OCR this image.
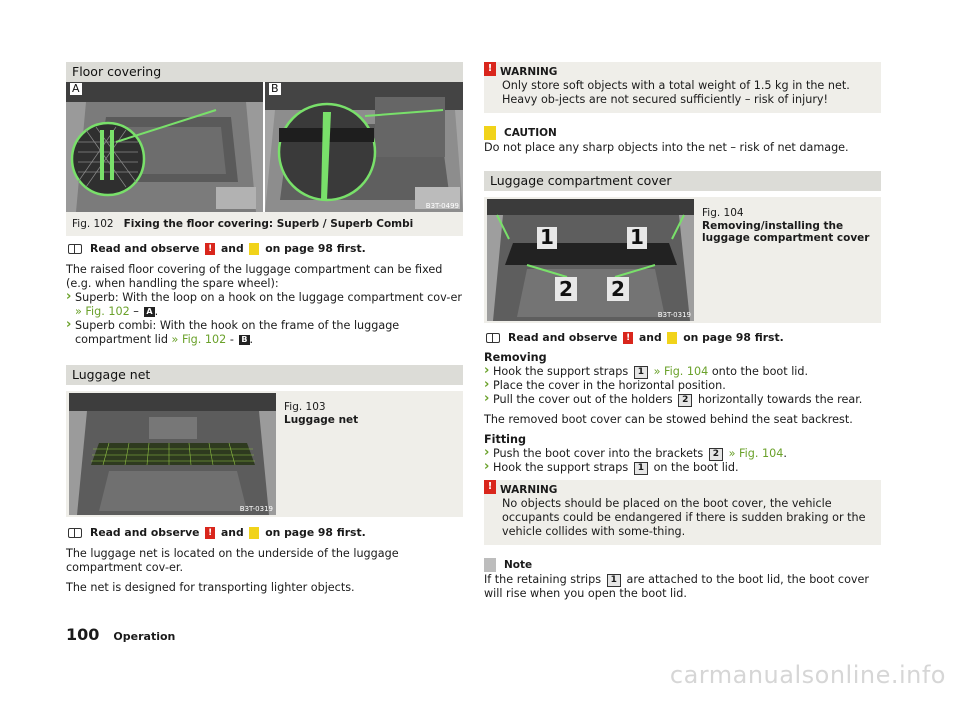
Floor covering
A	B
B3T-0499
Fig. 102 Fixing the floor covering: Superb / Superb Combi
Read and observe
!
and

on page 98 first.

The raised floor covering of the luggage compartment can be fixed (e.g. when handling the spare wheel):

› Superb: With the loop on a hook on the luggage compartment cov-er » Fig. 102 – A .

› Superb combi: With the hook on the frame of the luggage compartment lid » Fig. 102 - B .

Luggage net
B3T-0319
Fig. 103
Luggage net
Read and observe
!
and

on page 98 first.

The luggage net is located on the underside of the luggage compartment cov-er.

The net is designed for transporting lighter objects.

! WARNING

Only store soft objects with a total weight of 1.5 kg in the net. Heavy ob-jects are not secured sufficiently – risk of injury!

CAUTION

Do not place any sharp objects into the net – risk of net damage.

Luggage compartment cover
1	1
2 2
B3T-0319
Fig. 104
Removing/installing the luggage compartment cover
Read and observe
!
and

on page 98 first.

Removing

› Hook the support straps 1 » Fig. 104 onto the boot lid.

› Place the cover in the horizontal position.

› Pull the cover out of the holders 2 horizontally towards the rear.

The removed boot cover can be stowed behind the seat backrest.

Fitting

› Push the boot cover into the brackets 2 » Fig. 104.

› Hook the support straps 1 on the boot lid.

! WARNING

No objects should be placed on the boot cover, the vehicle occupants could be endangered if there is sudden braking or the vehicle collides with some-thing.

Note

If the retaining strips 1 are attached to the boot lid, the boot cover will rise when you open the boot lid.

100 Operation
carmanualsonline.info
